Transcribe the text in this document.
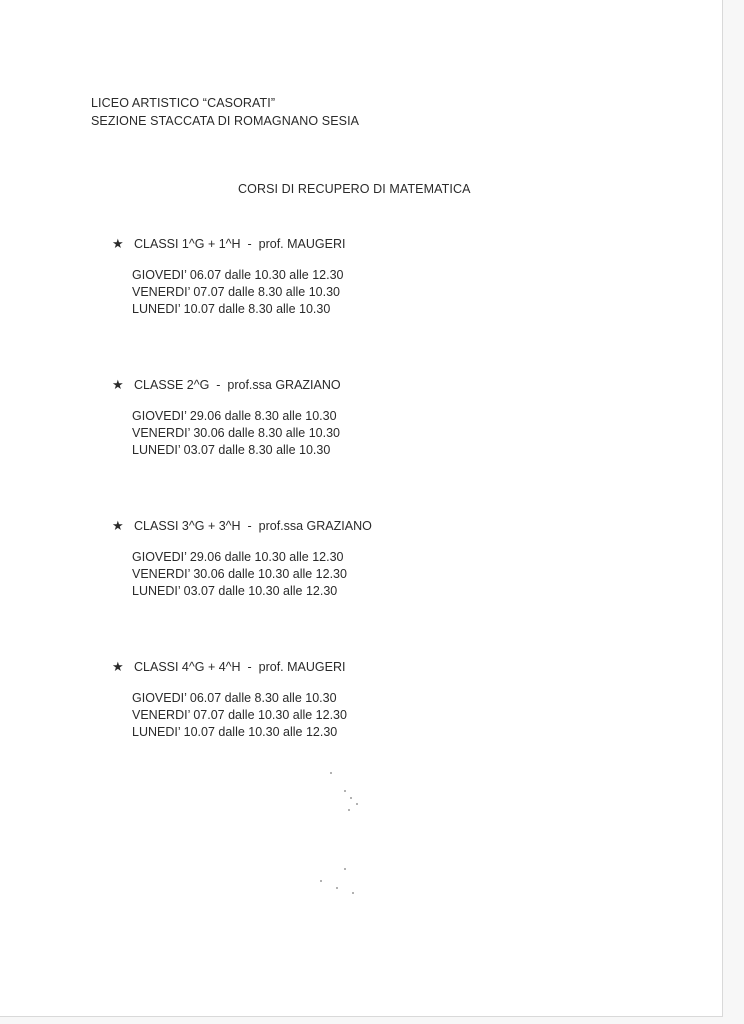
LICEO ARTISTICO “CASORATI”
SEZIONE STACCATA DI ROMAGNANO SESIA
CORSI DI RECUPERO DI MATEMATICA
★ CLASSI 1^G + 1^H  -  prof. MAUGERI
GIOVEDI’ 06.07 dalle 10.30 alle 12.30
VENERDI’ 07.07 dalle 8.30 alle 10.30
LUNEDI’ 10.07 dalle 8.30 alle 10.30
★ CLASSE 2^G  -  prof.ssa GRAZIANO
GIOVEDI’ 29.06 dalle 8.30 alle 10.30
VENERDI’ 30.06 dalle 8.30 alle 10.30
LUNEDI’ 03.07 dalle 8.30 alle 10.30
★ CLASSI 3^G + 3^H  -  prof.ssa GRAZIANO
GIOVEDI’ 29.06 dalle 10.30 alle 12.30
VENERDI’ 30.06 dalle 10.30 alle 12.30
LUNEDI’ 03.07 dalle 10.30 alle 12.30
★ CLASSI 4^G + 4^H  -  prof. MAUGERI
GIOVEDI’ 06.07 dalle 8.30 alle 10.30
VENERDI’ 07.07 dalle 10.30 alle 12.30
LUNEDI’ 10.07 dalle 10.30 alle 12.30
